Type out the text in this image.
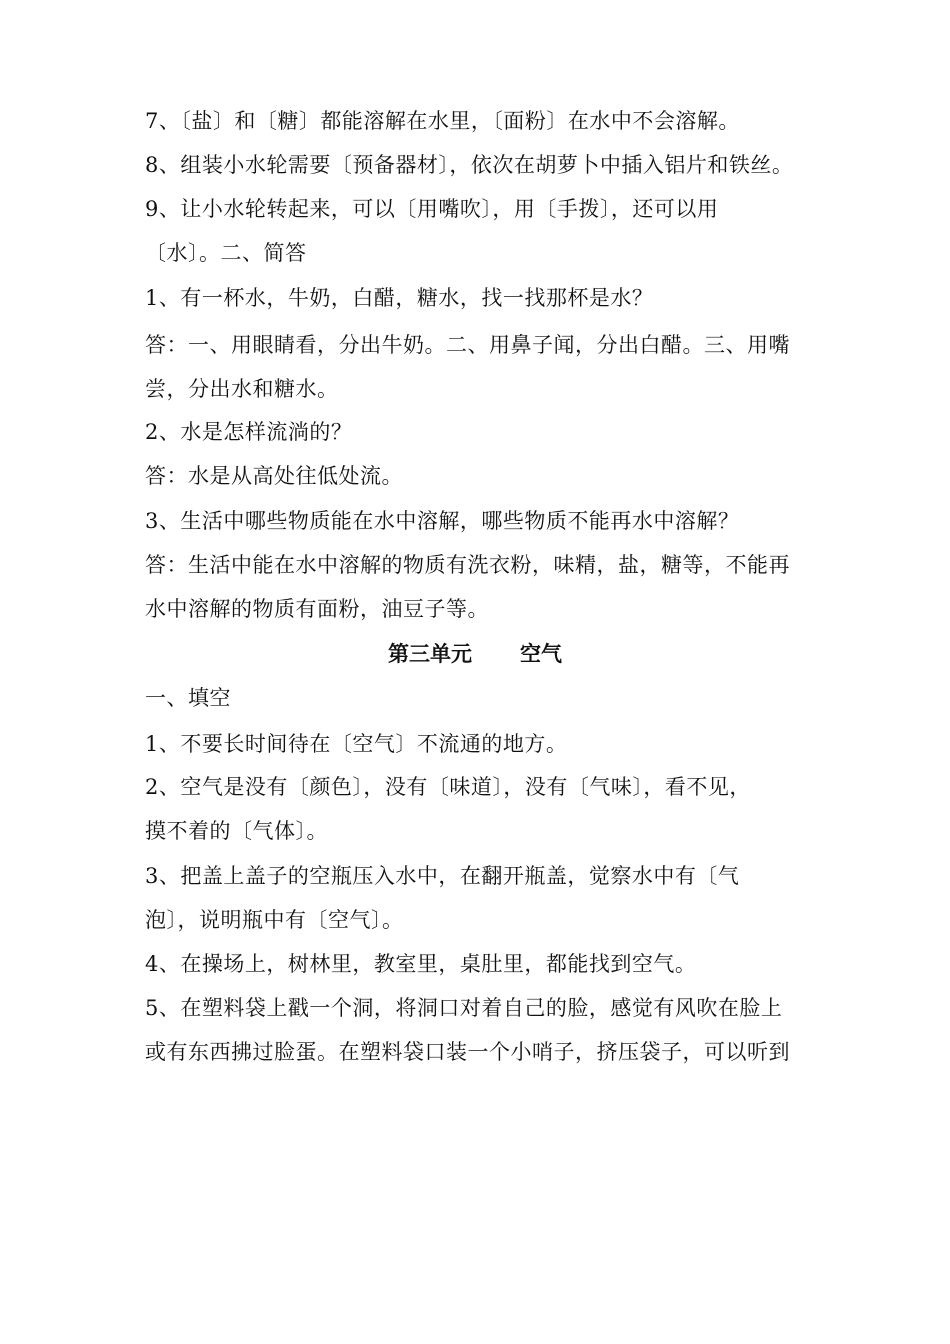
7、〔盐〕和〔糖〕都能溶解在水里，〔面粉〕在水中不会溶解。
8、组装小水轮需要〔预备器材〕，依次在胡萝卜中插入铝片和铁丝。
9、让小水轮转起来，可以〔用嘴吹〕，用〔手拨〕，还可以用
〔水〕。二、简答
1、有一杯水，牛奶，白醋，糖水，找一找那杯是水？
答：一、用眼睛看，分出牛奶。二、用鼻子闻，分出白醋。三、用嘴
尝，分出水和糖水。
2、水是怎样流淌的？
答：水是从高处往低处流。
3、生活中哪些物质能在水中溶解，哪些物质不能再水中溶解？
答：生活中能在水中溶解的物质有洗衣粉，味精，盐，糖等，不能再
水中溶解的物质有面粉，油豆子等。
第三单元 空气
一、填空
1、不要长时间待在〔空气〕不流通的地方。
2、空气是没有〔颜色〕，没有〔味道〕，没有〔气味〕，看不见，
摸不着的〔气体〕。
3、把盖上盖子的空瓶压入水中，在翻开瓶盖，觉察水中有〔气
泡〕，说明瓶中有〔空气〕。
4、在操场上，树林里，教室里，桌肚里，都能找到空气。
5、在塑料袋上戳一个洞，将洞口对着自己的脸，感觉有风吹在脸上
或有东西拂过脸蛋。在塑料袋口装一个小哨子，挤压袋子，可以听到
